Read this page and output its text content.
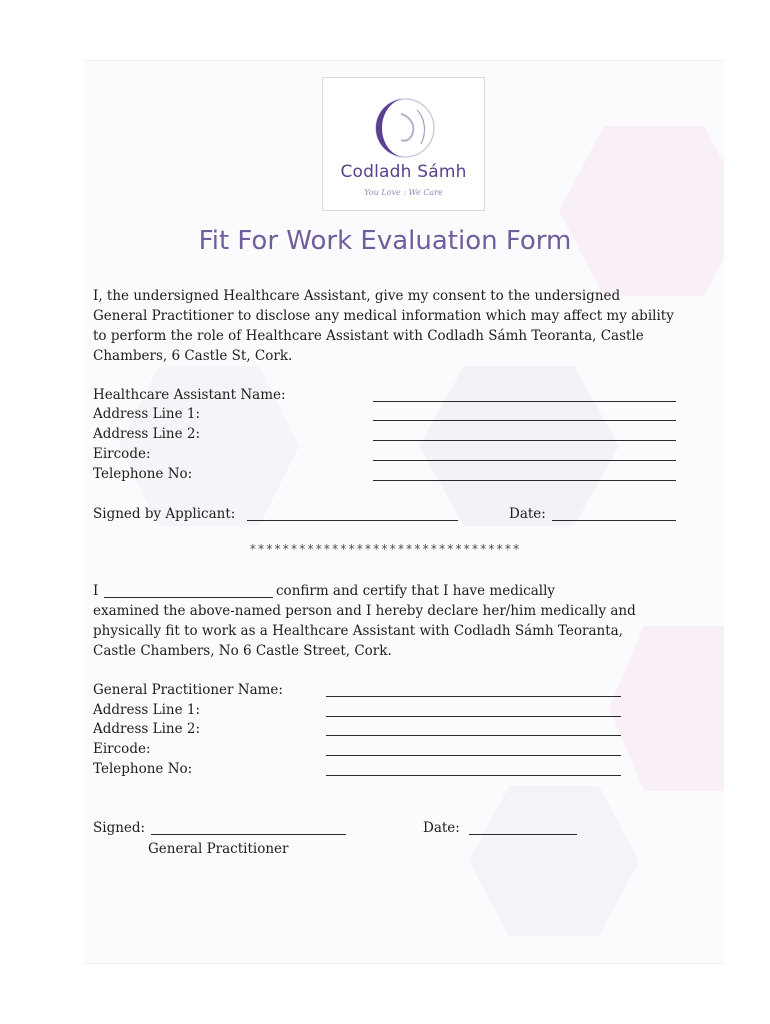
Codladh Sámh
You Love : We Care
Fit For Work Evaluation Form
I, the undersigned Healthcare Assistant, give my consent to the undersigned
General Practitioner to disclose any medical information which may affect my ability
to perform the role of Healthcare Assistant with Codladh Sámh Teoranta, Castle
Chambers, 6 Castle St, Cork.
Healthcare Assistant Name:
Address Line 1:
Address Line 2:
Eircode:
Telephone No:
Signed by Applicant:	Date:
*********************************
I	confirm and certify that I have medically
examined the above-named person and I hereby declare her/him medically and
physically fit to work as a Healthcare Assistant with Codladh Sámh Teoranta,
Castle Chambers, No 6 Castle Street, Cork.
General Practitioner Name:
Address Line 1:
Address Line 2:
Eircode:
Telephone No:
Signed:	Date:
General Practitioner
